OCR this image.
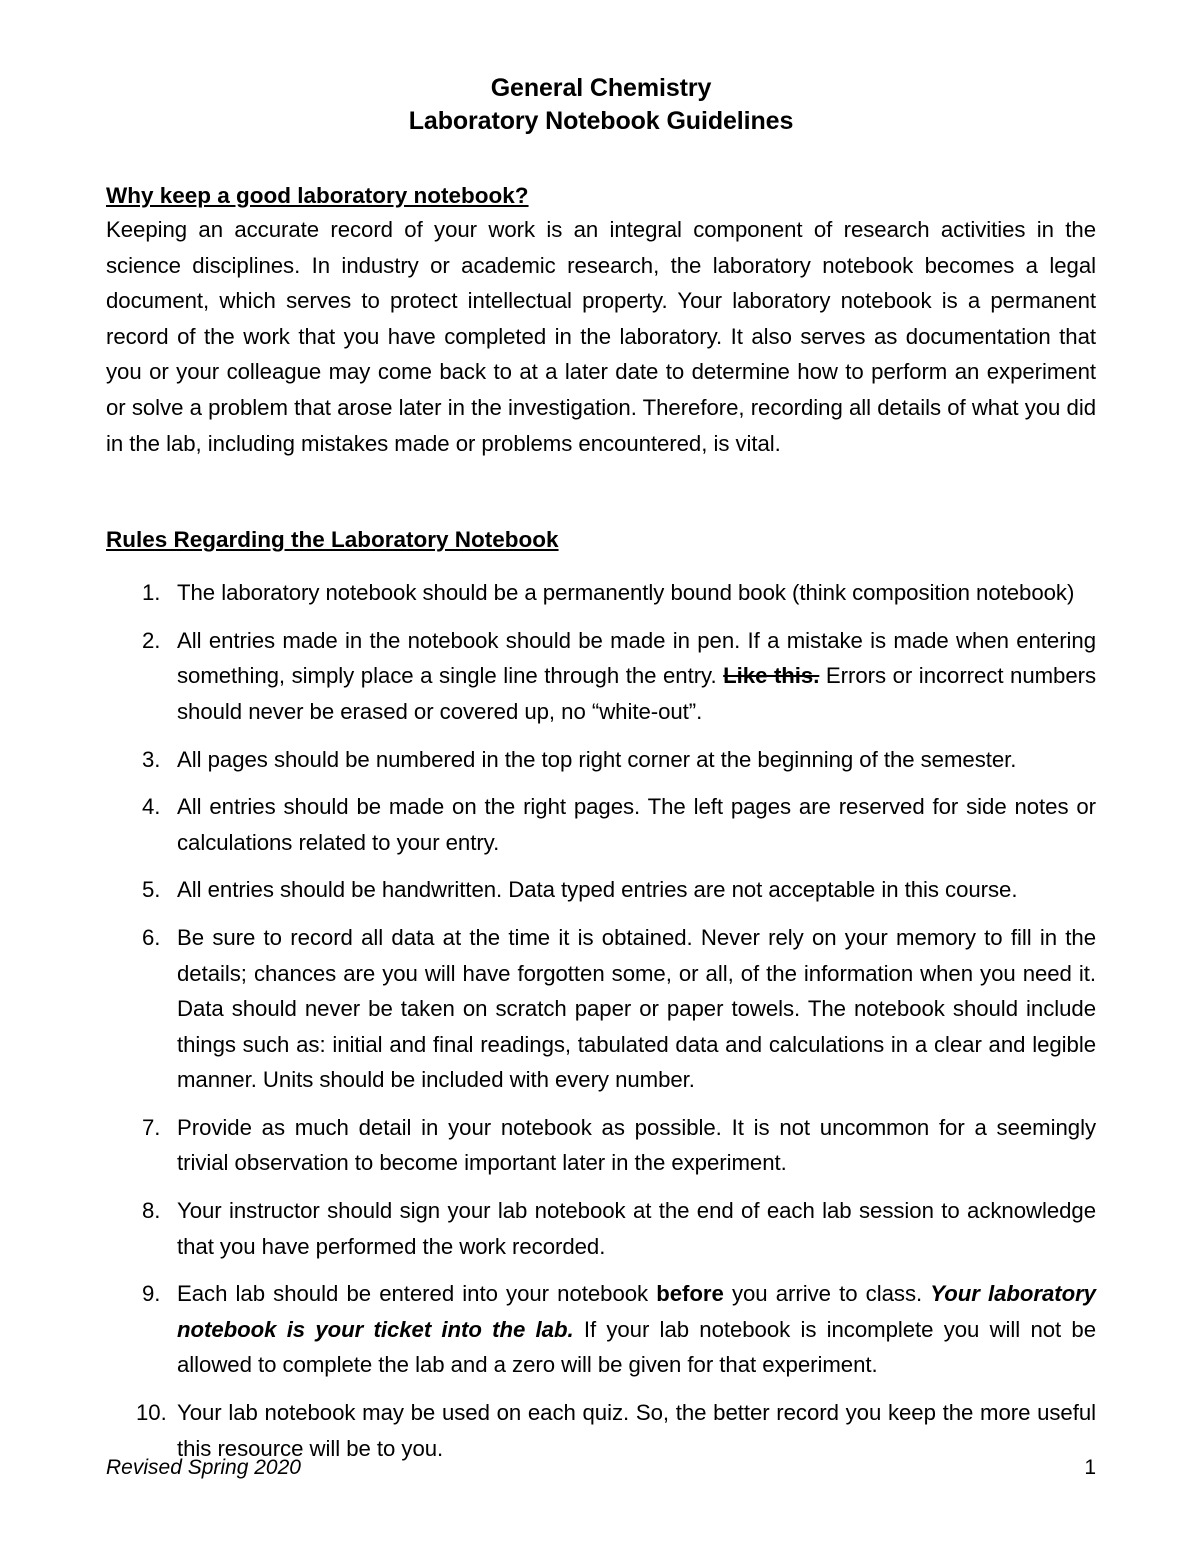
General Chemistry
Laboratory Notebook Guidelines
Why keep a good laboratory notebook?
Keeping an accurate record of your work is an integral component of research activities in the science disciplines. In industry or academic research, the laboratory notebook becomes a legal document, which serves to protect intellectual property. Your laboratory notebook is a permanent record of the work that you have completed in the laboratory. It also serves as documentation that you or your colleague may come back to at a later date to determine how to perform an experiment or solve a problem that arose later in the investigation. Therefore, recording all details of what you did in the lab, including mistakes made or problems encountered, is vital.
Rules Regarding the Laboratory Notebook
1. The laboratory notebook should be a permanently bound book (think composition notebook)
2. All entries made in the notebook should be made in pen. If a mistake is made when entering something, simply place a single line through the entry. Like this. Errors or incorrect numbers should never be erased or covered up, no “white-out”.
3. All pages should be numbered in the top right corner at the beginning of the semester.
4. All entries should be made on the right pages. The left pages are reserved for side notes or calculations related to your entry.
5. All entries should be handwritten. Data typed entries are not acceptable in this course.
6. Be sure to record all data at the time it is obtained. Never rely on your memory to fill in the details; chances are you will have forgotten some, or all, of the information when you need it. Data should never be taken on scratch paper or paper towels. The notebook should include things such as: initial and final readings, tabulated data and calculations in a clear and legible manner. Units should be included with every number.
7. Provide as much detail in your notebook as possible. It is not uncommon for a seemingly trivial observation to become important later in the experiment.
8. Your instructor should sign your lab notebook at the end of each lab session to acknowledge that you have performed the work recorded.
9. Each lab should be entered into your notebook before you arrive to class. Your laboratory notebook is your ticket into the lab. If your lab notebook is incomplete you will not be allowed to complete the lab and a zero will be given for that experiment.
10. Your lab notebook may be used on each quiz. So, the better record you keep the more useful this resource will be to you.
Revised Spring 2020	1
